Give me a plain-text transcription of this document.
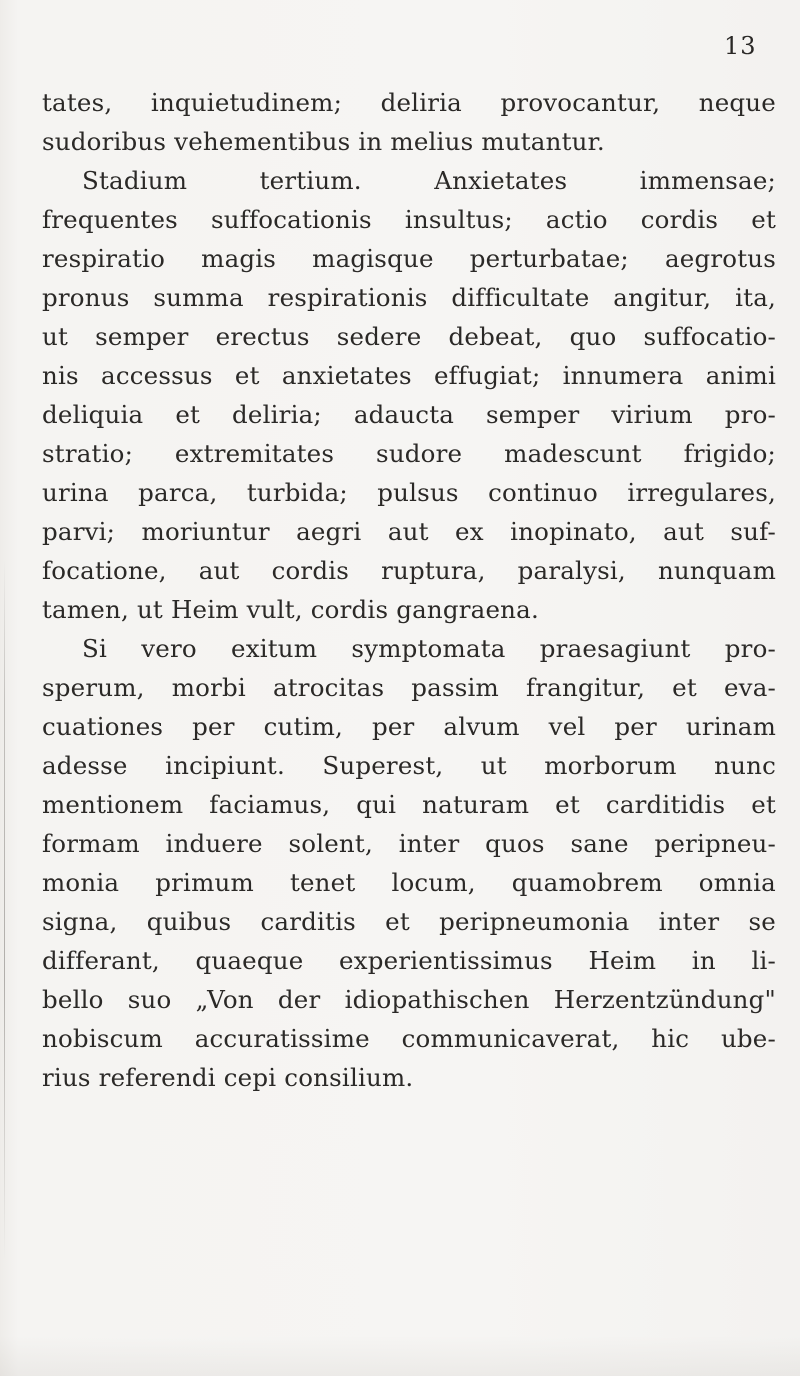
13
tates, inquietudinem; deliria provocantur, neque
sudoribus vehementibus in melius mutantur.
Stadium tertium. Anxietates immensae;
frequentes suffocationis insultus; actio cordis et
respiratio magis magisque perturbatae; aegrotus
pronus summa respirationis difficultate angitur, ita,
ut semper erectus sedere debeat, quo suffocatio-
nis accessus et anxietates effugiat; innumera animi
deliquia et deliria; adaucta semper virium pro-
stratio; extremitates sudore madescunt frigido;
urina parca, turbida; pulsus continuo irregulares,
parvi; moriuntur aegri aut ex inopinato, aut suf-
focatione, aut cordis ruptura, paralysi, nunquam
tamen, ut Heim vult, cordis gangraena.
Si vero exitum symptomata praesagiunt pro-
sperum, morbi atrocitas passim frangitur, et eva-
cuationes per cutim, per alvum vel per urinam
adesse incipiunt. Superest, ut morborum nunc
mentionem faciamus, qui naturam et carditidis et
formam induere solent, inter quos sane peripneu-
monia primum tenet locum, quamobrem omnia
signa, quibus carditis et peripneumonia inter se
differant, quaeque experientissimus Heim in li-
bello suo „Von der idiopathischen Herzentzündung"
nobiscum accuratissime communicaverat, hic ube-
rius referendi cepi consilium.
